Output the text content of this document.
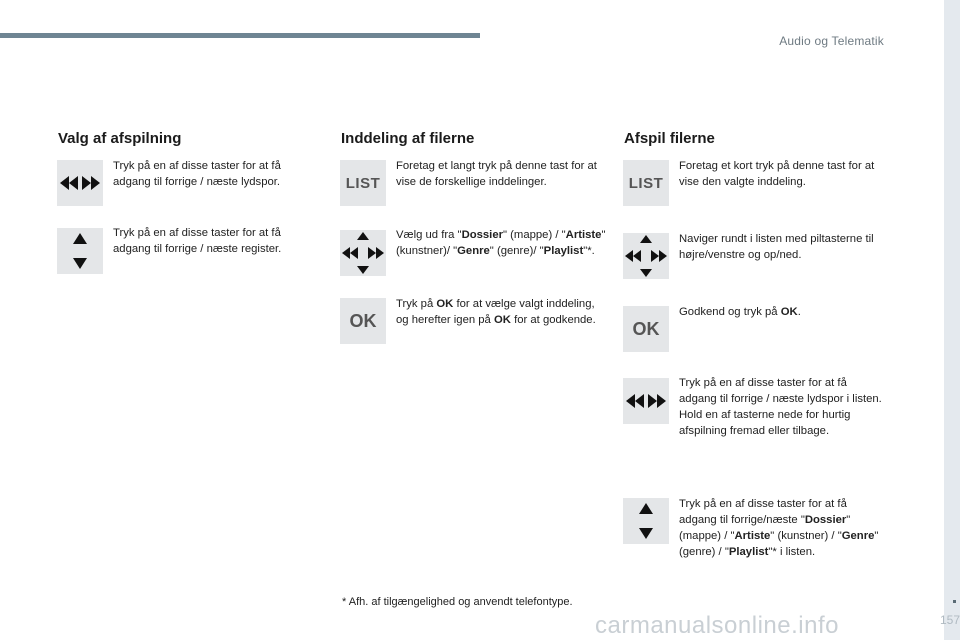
Audio og Telematik
157
Valg af afspilning
Tryk på en af disse taster for at få adgang til forrige / næste lydspor.
Tryk på en af disse taster for at få adgang til forrige / næste register.
Inddeling af filerne
LIST
Foretag et langt tryk på denne tast for at vise de forskellige inddelinger.
Vælg ud fra "Dossier" (mappe) / "Artiste" (kunstner)/ "Genre" (genre)/ "Playlist"*.
OK
Tryk på OK for at vælge valgt inddeling, og herefter igen på OK for at godkende.
Afspil filerne
LIST
Foretag et kort tryk på denne tast for at vise den valgte inddeling.
Naviger rundt i listen med piltasterne til højre/venstre og op/ned.
OK
Godkend og tryk på OK.
Tryk på en af disse taster for at få adgang til forrige / næste lydspor i listen.
Hold en af tasterne nede for hurtig afspilning fremad eller tilbage.
Tryk på en af disse taster for at få adgang til forrige/næste "Dossier" (mappe) / "Artiste" (kunstner) / "Genre" (genre) / "Playlist"* i listen.
* Afh. af tilgængelighed og anvendt telefontype.
carmanualsonline.info
